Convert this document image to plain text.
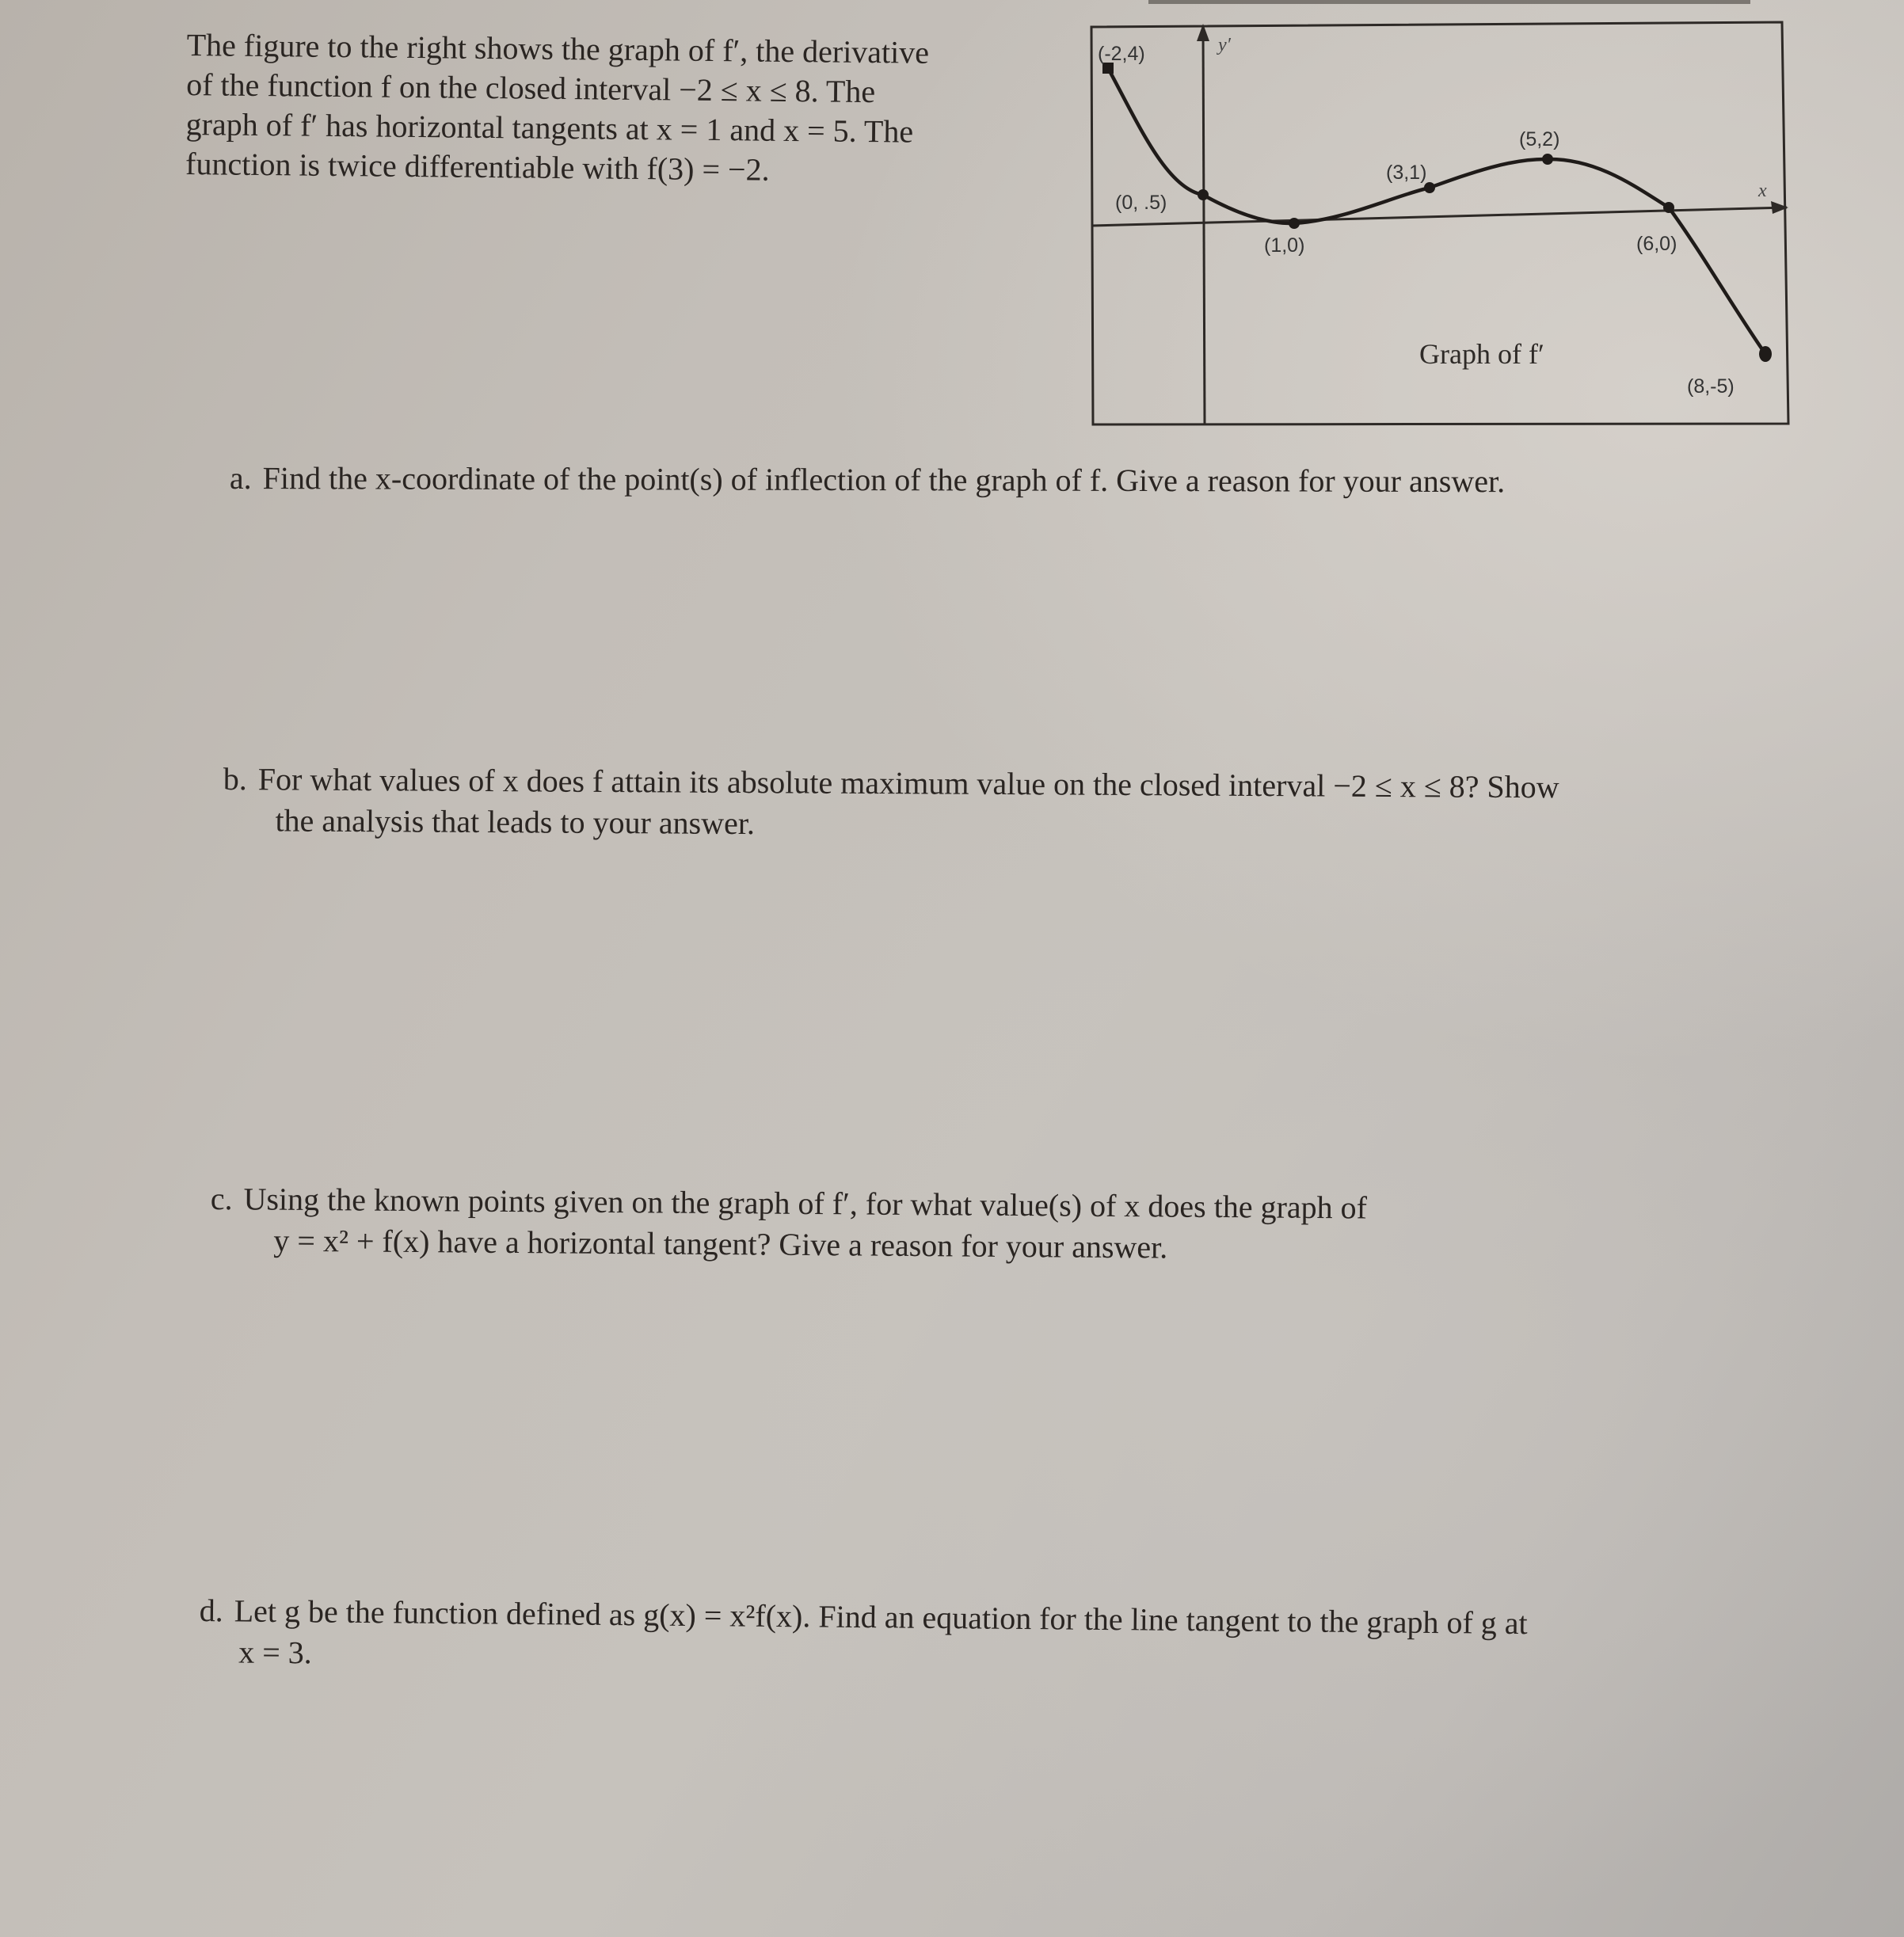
The figure to the right shows the graph of f′, the derivative

of the function f on the closed interval −2 ≤ x ≤ 8. The

graph of f′ has horizontal tangents at x = 1 and x = 5. The

function is twice differentiable with f(3) = −2.

y′
x
(-2,4)
(0, .5)
(1,0)
(3,1)
(5,2)
(6,0)
(8,-5)
Graph of f′
a. Find the x-coordinate of the point(s) of inflection of the graph of f. Give a reason for your answer.
b. For what values of x does f attain its absolute maximum value on the closed interval −2 ≤ x ≤ 8? Show
the analysis that leads to your answer.
c. Using the known points given on the graph of f′, for what value(s) of x does the graph of
y = x² + f(x) have a horizontal tangent? Give a reason for your answer.
d. Let g be the function defined as g(x) = x²f(x). Find an equation for the line tangent to the graph of g at
x = 3.
